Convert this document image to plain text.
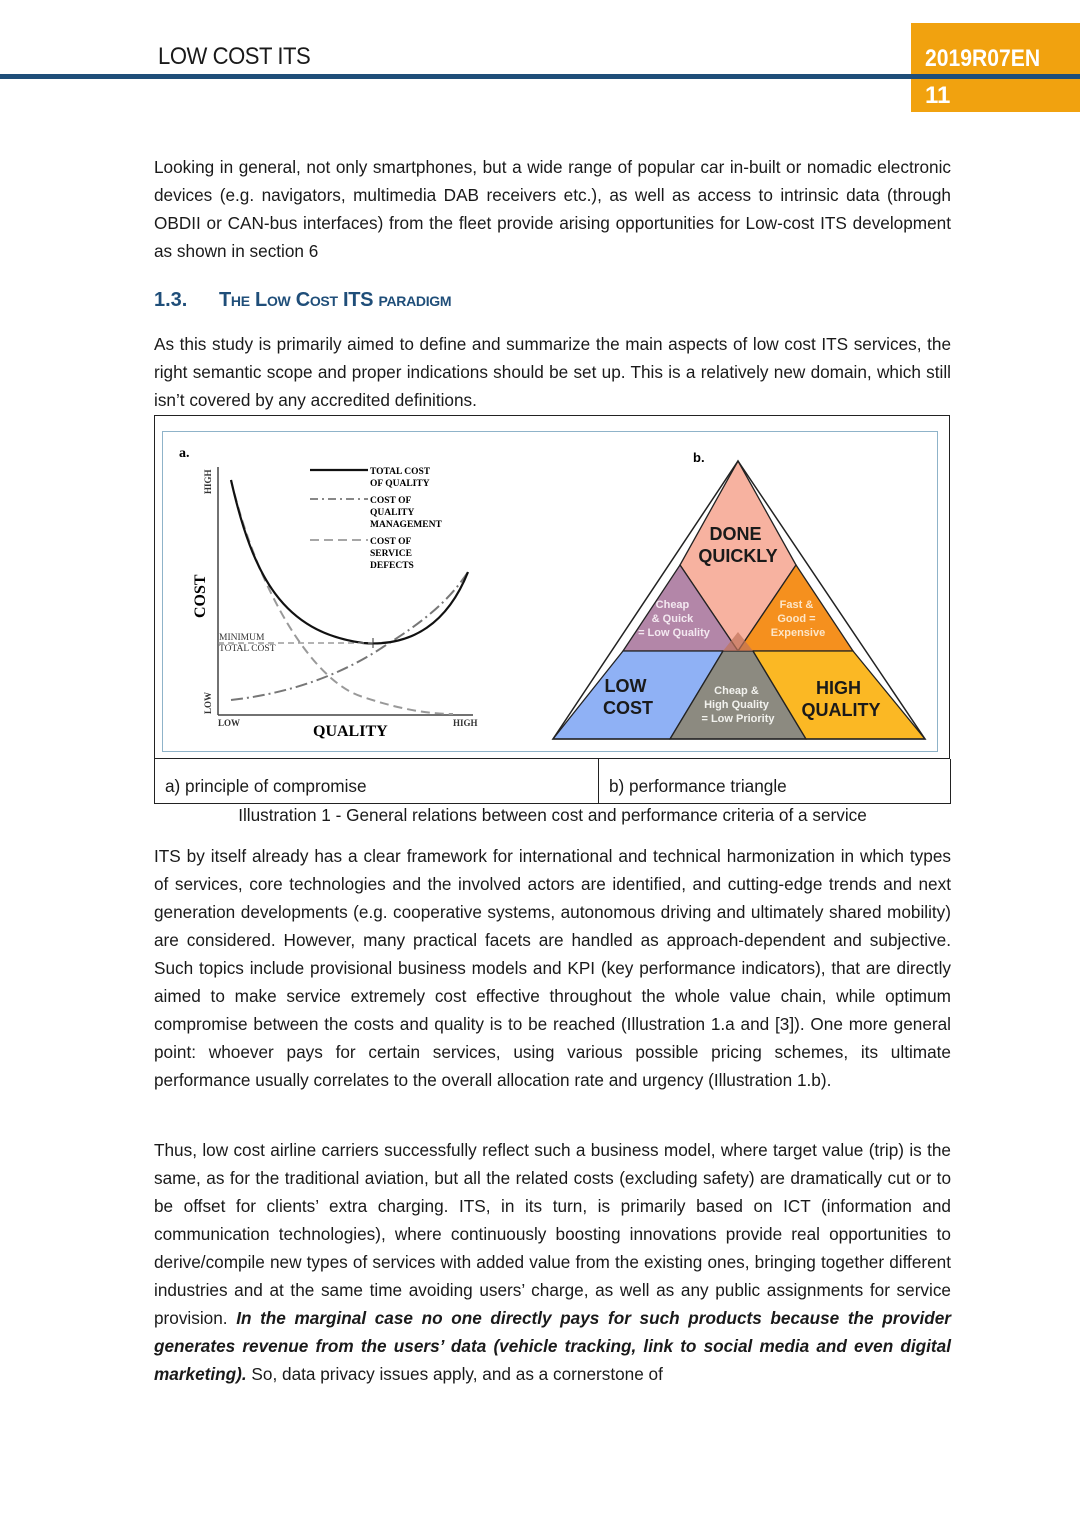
LOW COST ITS	2019R07EN
11
Looking in general, not only smartphones, but a wide range of popular car in-built or nomadic electronic devices (e.g. navigators, multimedia DAB receivers etc.), as well as access to intrinsic data (through OBDII or CAN-bus interfaces) from the fleet provide arising opportunities for Low-cost ITS development as shown in section 6
1.3. The Low Cost ITS paradigm
As this study is primarily aimed to define and summarize the main aspects of low cost ITS services, the right semantic scope and proper indications should be set up. This is a relatively new domain, which still isn’t covered by any accredited definitions.
a.
HIGH
LOW
COST
LOW	HIGH
QUALITY
MINIMUM TOTAL COST
TOTAL COST OF QUALITY
COST OF QUALITY MANAGEMENT
COST OF SERVICE DEFECTS
b.
DONE QUICKLY
Cheap & Quick = Low Quality
Fast & Good = Expensive
LOW COST
Cheap & High Quality = Low Priority
HIGH QUALITY
a) principle of compromise	b) performance triangle
Illustration 1 - General relations between cost and performance criteria of a service
ITS by itself already has a clear framework for international and technical harmonization in which types of services, core technologies and the involved actors are identified, and cutting-edge trends and next generation developments (e.g. cooperative systems, autonomous driving and ultimately shared mobility) are considered. However, many practical facets are handled as approach-dependent and subjective. Such topics include provisional business models and KPI (key performance indicators), that are directly aimed to make service extremely cost effective throughout the whole value chain, while optimum compromise between the costs and quality is to be reached (Illustration 1.a and [3]). One more general point: whoever pays for certain services, using various possible pricing schemes, its ultimate performance usually correlates to the overall allocation rate and urgency (Illustration 1.b).
Thus, low cost airline carriers successfully reflect such a business model, where target value (trip) is the same, as for the traditional aviation, but all the related costs (excluding safety) are dramatically cut or to be offset for clients’ extra charging. ITS, in its turn, is primarily based on ICT (information and communication technologies), where continuously boosting innovations provide real opportunities to derive/compile new types of services with added value from the existing ones, bringing together different industries and at the same time avoiding users’ charge, as well as any public assignments for service provision. In the marginal case no one directly pays for such products because the provider generates revenue from the users’ data (vehicle tracking, link to social media and even digital marketing). So, data privacy issues apply, and as a cornerstone of
